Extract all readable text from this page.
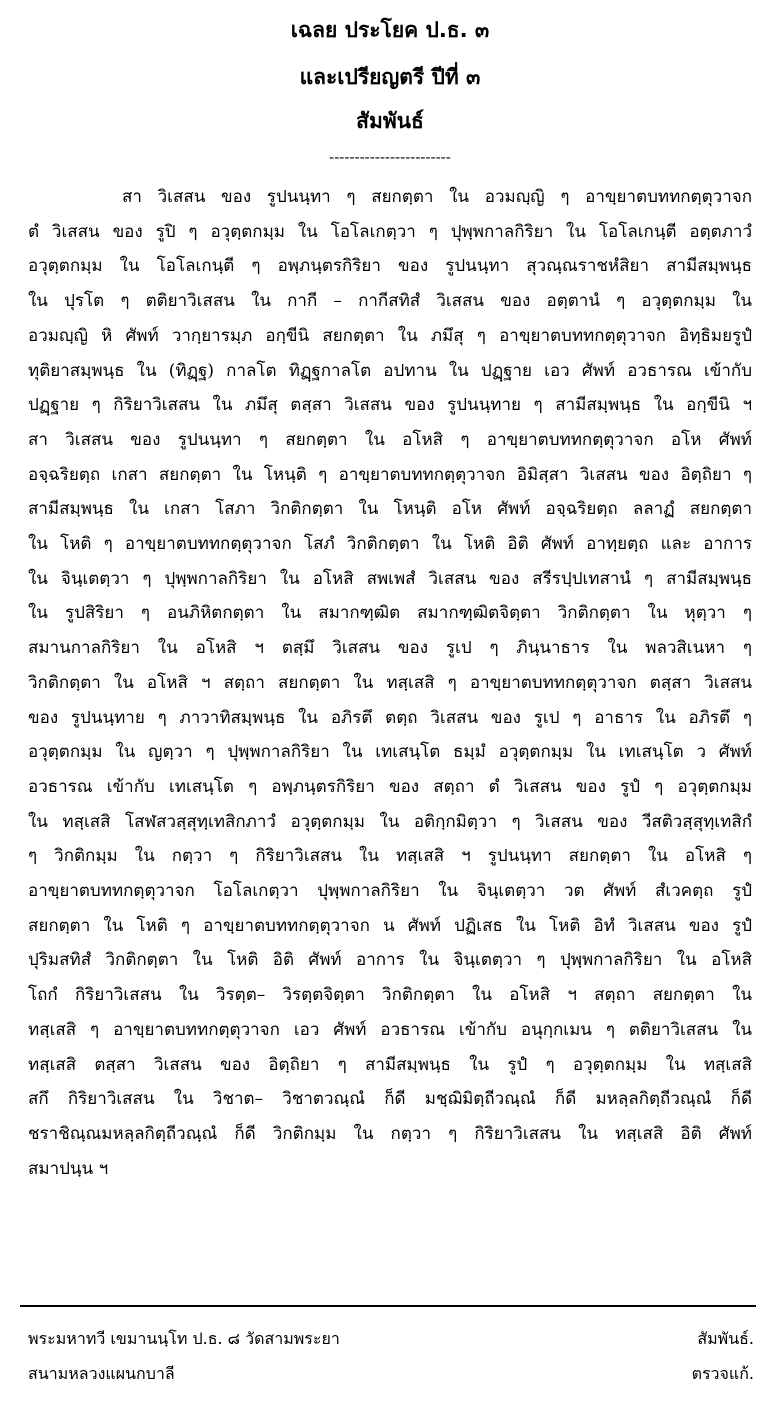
เฉลย ประโยค ป.ธ. ๓
และเปรียญตรี ปีที่ ๓
สัมพันธ์
------------------------
สา วิเสสน ของ รูปนนฺทา ๆ สยกตฺตา ใน อวมญฺญิ ๆ อาขฺยาตบททกตฺตุวาจก
ตํ วิเสสน ของ รูปิ ๆ อวุตฺตกมฺม ใน โอโลเกตฺวา ๆ ปุพฺพกาลกิริยา ใน โอโลเกนฺตี อตฺตภาวํ
อวุตฺตกมฺม ใน โอโลเกนฺตี ๆ อพฺภนฺตรกิริยา ของ รูปนนฺทา สุวณฺณราชหํสิยา สามีสมฺพนฺธ
ใน ปุรโต ๆ ตติยาวิเสสน ใน กากี – กากีสทิสํ วิเสสน ของ อตฺตานํ ๆ อวุตฺตกมฺม ใน
อวมญฺญิ หิ ศัพท์ วากฺยารมฺภ อกฺขีนิ สยกตฺตา ใน ภมึสุ ๆ อาขฺยาตบททกตฺตุวาจก อิทฺธิมยรูปํ
ทุติยาสมฺพนฺธ ใน (ทิฏฺฐ) กาลโต ทิฏฺฐกาลโต อปทาน ใน ปฏฺฐาย เอว ศัพท์ อวธารณ เข้ากับ
ปฏฺฐาย ๆ กิริยาวิเสสน ใน ภมึสุ ตสฺสา วิเสสน ของ รูปนนฺทาย ๆ สามีสมฺพนฺธ ใน อกฺขีนิ ฯ
สา วิเสสน ของ รูปนนฺทา ๆ สยกตฺตา ใน อโหสิ ๆ อาขฺยาตบททกตฺตุวาจก อโห ศัพท์
อจฺฉริยตฺถ เกสา สยกตฺตา ใน โหนฺติ ๆ อาขฺยาตบททกตฺตุวาจก อิมิสฺสา วิเสสน ของ อิตฺถิยา ๆ
สามีสมฺพนฺธ ใน เกสา โสภา วิกติกตฺตา ใน โหนฺติ อโห ศัพท์ อจฺฉริยตฺถ ลลาฏํ สยกตฺตา
ใน โหติ ๆ อาขฺยาตบททกตฺตุวาจก โสภํ วิกติกตฺตา ใน โหติ อิติ ศัพท์ อาทฺยตฺถ และ อาการ
ใน จินฺเตตฺวา ๆ ปุพฺพกาลกิริยา ใน อโหสิ สพเพสํ วิเสสน ของ สรีรปฺปเทสานํ ๆ สามีสมฺพนฺธ
ใน รูปสิริยา ๆ อนภิหิตกตฺตา ใน สมากฑฺฒิต สมากฑฺฒิตจิตฺตา วิกติกตฺตา ใน หุตฺวา ๆ
สมานกาลกิริยา ใน อโหสิ ฯ ตสฺมึ วิเสสน ของ รูเป ๆ ภินฺนาธาร ใน พลวสิเนหา ๆ
วิกติกตฺตา ใน อโหสิ ฯ สตฺถา สยกตฺตา ใน ทสฺเสสิ ๆ อาขฺยาตบททกตฺตุวาจก ตสฺสา วิเสสน
ของ รูปนนฺทาย ๆ ภาวาทิสมฺพนฺธ ใน อภิรตึ ตตฺถ วิเสสน ของ รูเป ๆ อาธาร ใน อภิรตึ ๆ
อวุตฺตกมฺม ใน ญตฺวา ๆ ปุพฺพกาลกิริยา ใน เทเสนฺโต ธมฺมํ อวุตฺตกมฺม ใน เทเสนฺโต ว ศัพท์
อวธารณ เข้ากับ เทเสนฺโต ๆ อพฺภนฺตรกิริยา ของ สตฺถา ตํ วิเสสน ของ รูปํ ๆ อวุตฺตกมฺม
ใน ทสฺเสสิ โสฬสวสฺสุทฺเทสิกภาวํ อวุตฺตกมฺม ใน อติกฺกมิตฺวา ๆ วิเสสน ของ วีสติวสฺสุทฺเทสิกํ
ๆ วิกติกมฺม ใน กตฺวา ๆ กิริยาวิเสสน ใน ทสฺเสสิ ฯ รูปนนฺทา สยกตฺตา ใน อโหสิ ๆ
อาขฺยาตบททกตฺตุวาจก โอโลเกตฺวา ปุพฺพกาลกิริยา ใน จินฺเตตฺวา วต ศัพท์ สํเวคตฺถ รูปํ
สยกตฺตา ใน โหติ ๆ อาขฺยาตบททกตฺตุวาจก น ศัพท์ ปฏิเสธ ใน โหติ อิทํ วิเสสน ของ รูปํ
ปุริมสทิสํ วิกติกตฺตา ใน โหติ อิติ ศัพท์ อาการ ใน จินฺเตตฺวา ๆ ปุพฺพกาลกิริยา ใน อโหสิ
โถกํ กิริยาวิเสสน ใน วิรตฺต– วิรตฺตจิตฺตา วิกติกตฺตา ใน อโหสิ ฯ สตฺถา สยกตฺตา ใน
ทสฺเสสิ ๆ อาขฺยาตบททกตฺตุวาจก เอว ศัพท์ อวธารณ เข้ากับ อนุกฺกเมน ๆ ตติยาวิเสสน ใน
ทสฺเสสิ ตสฺสา วิเสสน ของ อิตฺถิยา ๆ สามีสมฺพนฺธ ใน รูปํ ๆ อวุตฺตกมฺม ใน ทสฺเสสิ
สกึ กิริยาวิเสสน ใน วิชาต– วิชาตวณฺณํ ก็ดี มชฺฌิมิตฺถีวณฺณํ ก็ดี มหลฺลกิตฺถีวณฺณํ ก็ดี
ชราชิณฺณมหลฺลกิตฺถีวณฺณํ ก็ดี วิกติกมฺม ใน กตฺวา ๆ กิริยาวิเสสน ใน ทสฺเสสิ อิติ ศัพท์
สมาปนฺน ฯ
พระมหาทวี เขมานนฺโท ป.ธ. ๘ วัดสามพระยา
สนามหลวงแผนกบาลี
สัมพันธ์.
ตรวจแก้.
